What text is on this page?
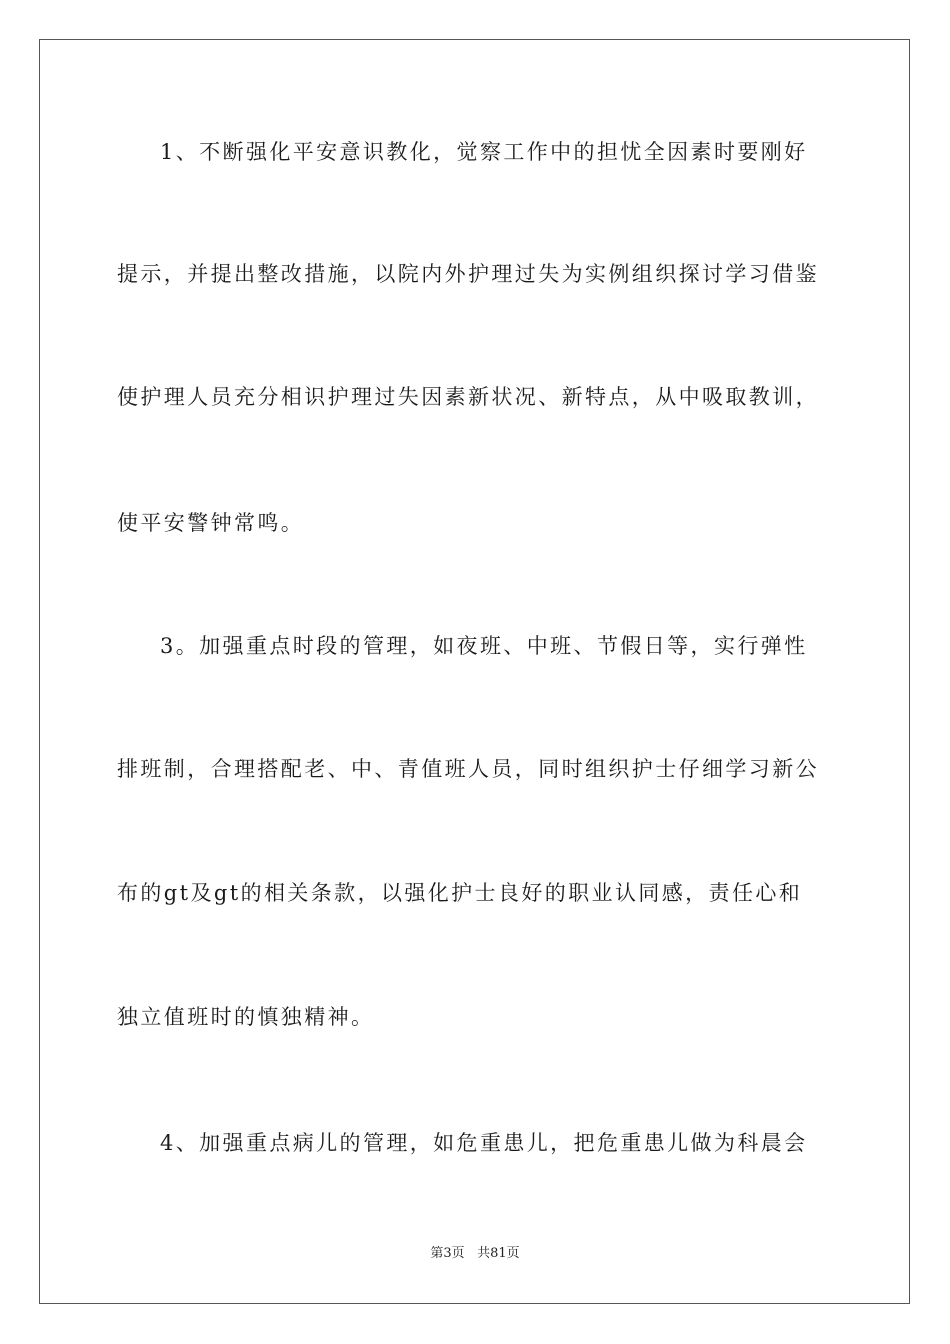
1、不断强化平安意识教化，觉察工作中的担忧全因素时要刚好
提示，并提出整改措施，以院内外护理过失为实例组织探讨学习借鉴
使护理人员充分相识护理过失因素新状况、新特点，从中吸取教训，
使平安警钟常鸣。
3。加强重点时段的管理，如夜班、中班、节假日等，实行弹性
排班制，合理搭配老、中、青值班人员，同时组织护士仔细学习新公
布的gt及gt的相关条款，以强化护士良好的职业认同感，责任心和
独立值班时的慎独精神。
4、加强重点病儿的管理，如危重患儿，把危重患儿做为科晨会
第3页 共81页
